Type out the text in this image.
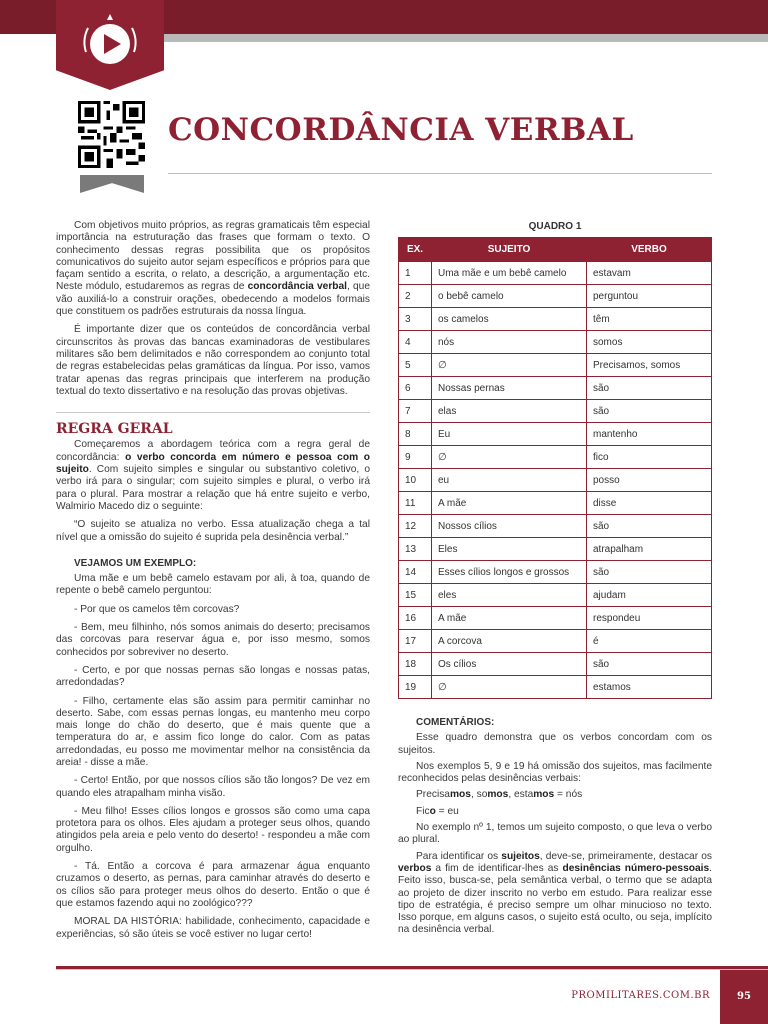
CONCORDÂNCIA VERBAL

Com objetivos muito próprios, as regras gramaticais têm especial importância na estruturação das frases que formam o texto. O conhecimento dessas regras possibilita que os propósitos comunicativos do sujeito autor sejam específicos e próprios para que façam sentido a escrita, o relato, a descrição, a argumentação etc. Neste módulo, estudaremos as regras de concordância verbal, que vão auxiliá-lo a construir orações, obedecendo a modelos formais que constituem os padrões estruturais da nossa língua.

É importante dizer que os conteúdos de concordância verbal circunscritos às provas das bancas examinadoras de vestibulares militares são bem delimitados e não correspondem ao conjunto total de regras estabelecidas pelas gramáticas da língua. Por isso, vamos tratar apenas das regras principais que interferem na produção textual do texto dissertativo e na resolução das provas objetivas.

REGRA GERAL

Começaremos a abordagem teórica com a regra geral de concordância: o verbo concorda em número e pessoa com o sujeito. Com sujeito simples e singular ou substantivo coletivo, o verbo irá para o singular; com sujeito simples e plural, o verbo irá para o plural. Para mostrar a relação que há entre sujeito e verbo, Walmirio Macedo diz o seguinte:

“O sujeito se atualiza no verbo. Essa atualização chega a tal nível que a omissão do sujeito é suprida pela desinência verbal.”

VEJAMOS UM EXEMPLO:

Uma mãe e um bebê camelo estavam por ali, à toa, quando de repente o bebê camelo perguntou:

- Por que os camelos têm corcovas?

- Bem, meu filhinho, nós somos animais do deserto; precisamos das corcovas para reservar água e, por isso mesmo, somos conhecidos por sobreviver no deserto.

- Certo, e por que nossas pernas são longas e nossas patas, arredondadas?

- Filho, certamente elas são assim para permitir caminhar no deserto. Sabe, com essas pernas longas, eu mantenho meu corpo mais longe do chão do deserto, que é mais quente que a temperatura do ar, e assim fico longe do calor. Com as patas arredondadas, eu posso me movimentar melhor na consistência da areia! - disse a mãe.

- Certo! Então, por que nossos cílios são tão longos? De vez em quando eles atrapalham minha visão.

- Meu filho! Esses cílios longos e grossos são como uma capa protetora para os olhos. Eles ajudam a proteger seus olhos, quando atingidos pela areia e pelo vento do deserto! - respondeu a mãe com orgulho.

- Tá. Então a corcova é para armazenar água enquanto cruzamos o deserto, as pernas, para caminhar através do deserto e os cílios são para proteger meus olhos do deserto. Então o que é que estamos fazendo aqui no zoológico???

MORAL DA HISTÓRIA: habilidade, conhecimento, capacidade e experiências, só são úteis se você estiver no lugar certo!

QUADRO 1
EX.	SUJEITO	VERBO
1	Uma mãe e um bebê camelo	estavam
2	o bebê camelo	perguntou
3	os camelos	têm
4	nós	somos
5	∅	Precisamos, somos
6	Nossas pernas	são
7	elas	são
8	Eu	mantenho
9	∅	fico
10	eu	posso
11	A mãe	disse
12	Nossos cílios	são
13	Eles	atrapalham
14	Esses cílios longos e grossos	são
15	eles	ajudam
16	A mãe	respondeu
17	A corcova	é
18	Os cílios	são
19	∅	estamos
COMENTÁRIOS:

Esse quadro demonstra que os verbos concordam com os sujeitos.

Nos exemplos 5, 9 e 19 há omissão dos sujeitos, mas facilmente reconhecidos pelas desinências verbais:

Precisamos, somos, estamos = nós

Fico = eu

No exemplo nº 1, temos um sujeito composto, o que leva o verbo ao plural.

Para identificar os sujeitos, deve-se, primeiramente, destacar os verbos a fim de identificar-lhes as desinências número-pessoais. Feito isso, busca-se, pela semântica verbal, o termo que se adapta ao projeto de dizer inscrito no verbo em estudo. Para realizar esse tipo de estratégia, é preciso sempre um olhar minucioso no texto. Isso porque, em alguns casos, o sujeito está oculto, ou seja, implícito na desinência verbal.

PROMILITARES.COM.BR	95
